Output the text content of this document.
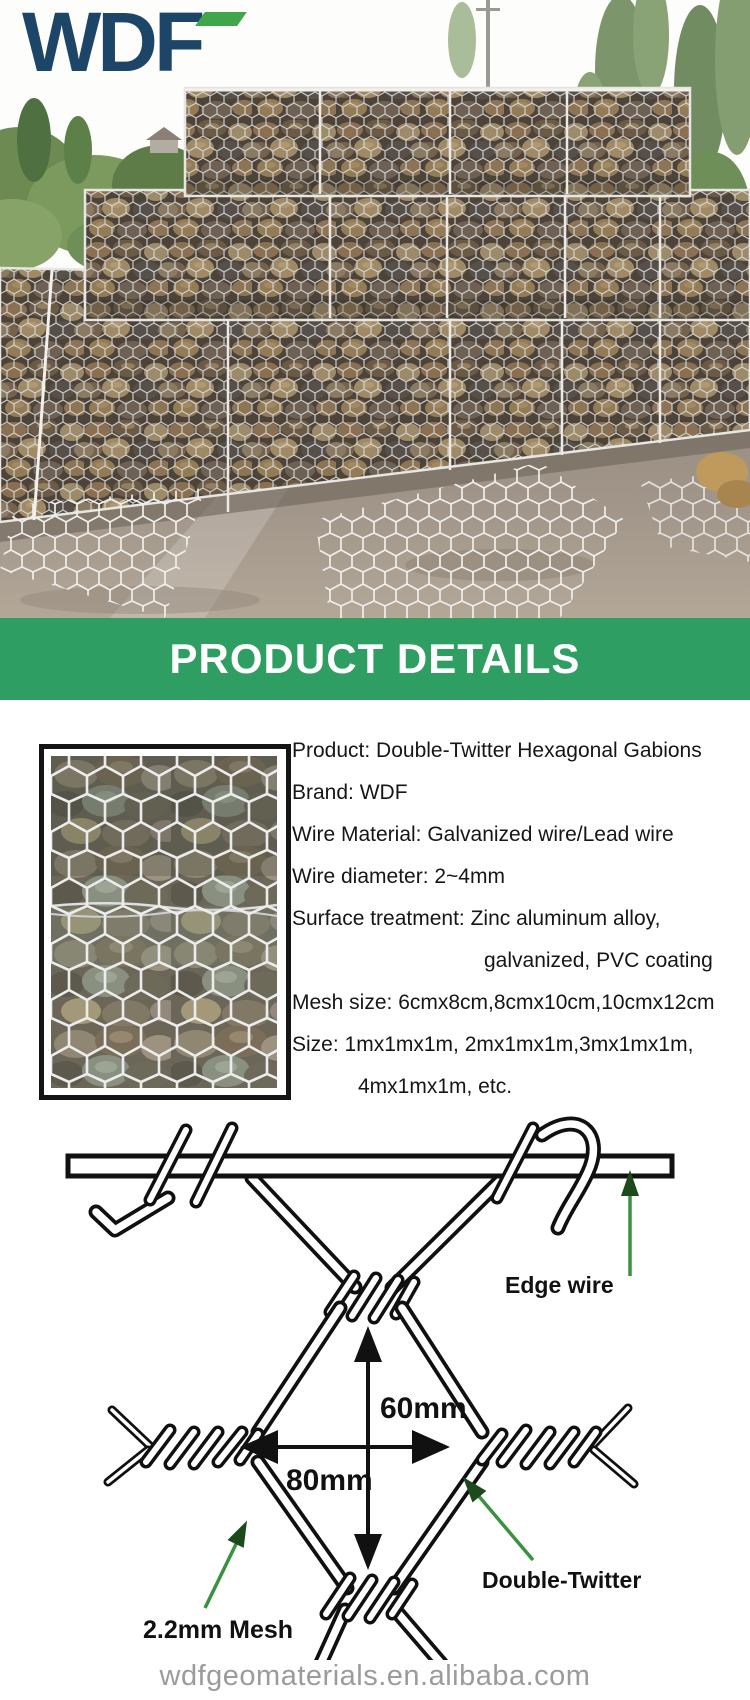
WDF
PRODUCT DETAILS
Product: Double-Twitter Hexagonal Gabions
Brand: WDF
Wire Material: Galvanized wire/Lead wire
Wire diameter: 2~4mm
Surface treatment: Zinc aluminum alloy,
galvanized, PVC coating
Mesh size: 6cmx8cm,8cmx10cm,10cmx12cm
Size: 1mx1mx1m, 2mx1mx1m,3mx1mx1m,
4mx1mx1m, etc.
60mm
80mm
Edge wire
Double-Twitter
2.2mm Mesh
wdfgeomaterials.en.alibaba.com
